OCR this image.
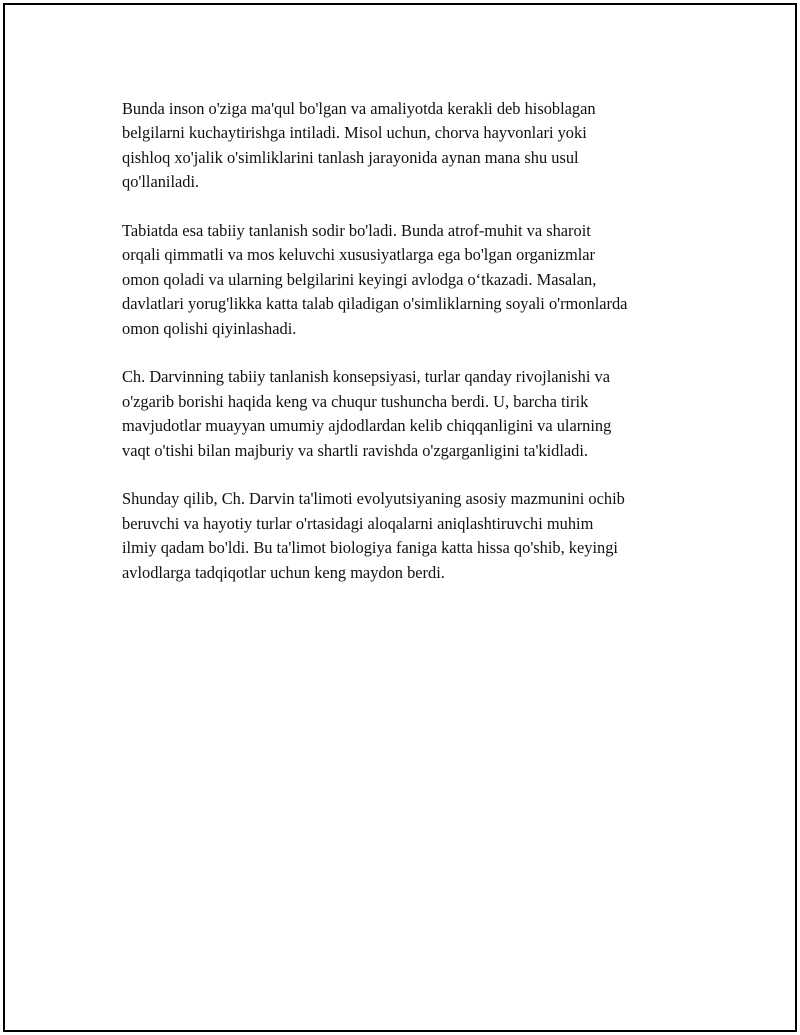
Bunda inson o'ziga ma'qul bo'lgan va amaliyotda kerakli deb hisoblagan
belgilarni kuchaytirishga intiladi. Misol uchun, chorva hayvonlari yoki
qishloq xo'jalik o'simliklarini tanlash jarayonida aynan mana shu usul
qo'llaniladi.

Tabiatda esa tabiiy tanlanish sodir bo'ladi. Bunda atrof-muhit va sharoit
orqali qimmatli va mos keluvchi xususiyatlarga ega bo'lgan organizmlar
omon qoladi va ularning belgilarini keyingi avlodga o‘tkazadi. Masalan,
davlatlari yorug'likka katta talab qiladigan o'simliklarning soyali o'rmonlarda
omon qolishi qiyinlashadi.

Ch. Darvinning tabiiy tanlanish konsepsiyasi, turlar qanday rivojlanishi va
o'zgarib borishi haqida keng va chuqur tushuncha berdi. U, barcha tirik
mavjudotlar muayyan umumiy ajdodlardan kelib chiqqanligini va ularning
vaqt o'tishi bilan majburiy va shartli ravishda o'zgarganligini ta'kidladi.

Shunday qilib, Ch. Darvin ta'limoti evolyutsiyaning asosiy mazmunini ochib
beruvchi va hayotiy turlar o'rtasidagi aloqalarni aniqlashtiruvchi muhim
ilmiy qadam bo'ldi. Bu ta'limot biologiya faniga katta hissa qo'shib, keyingi
avlodlarga tadqiqotlar uchun keng maydon berdi.
